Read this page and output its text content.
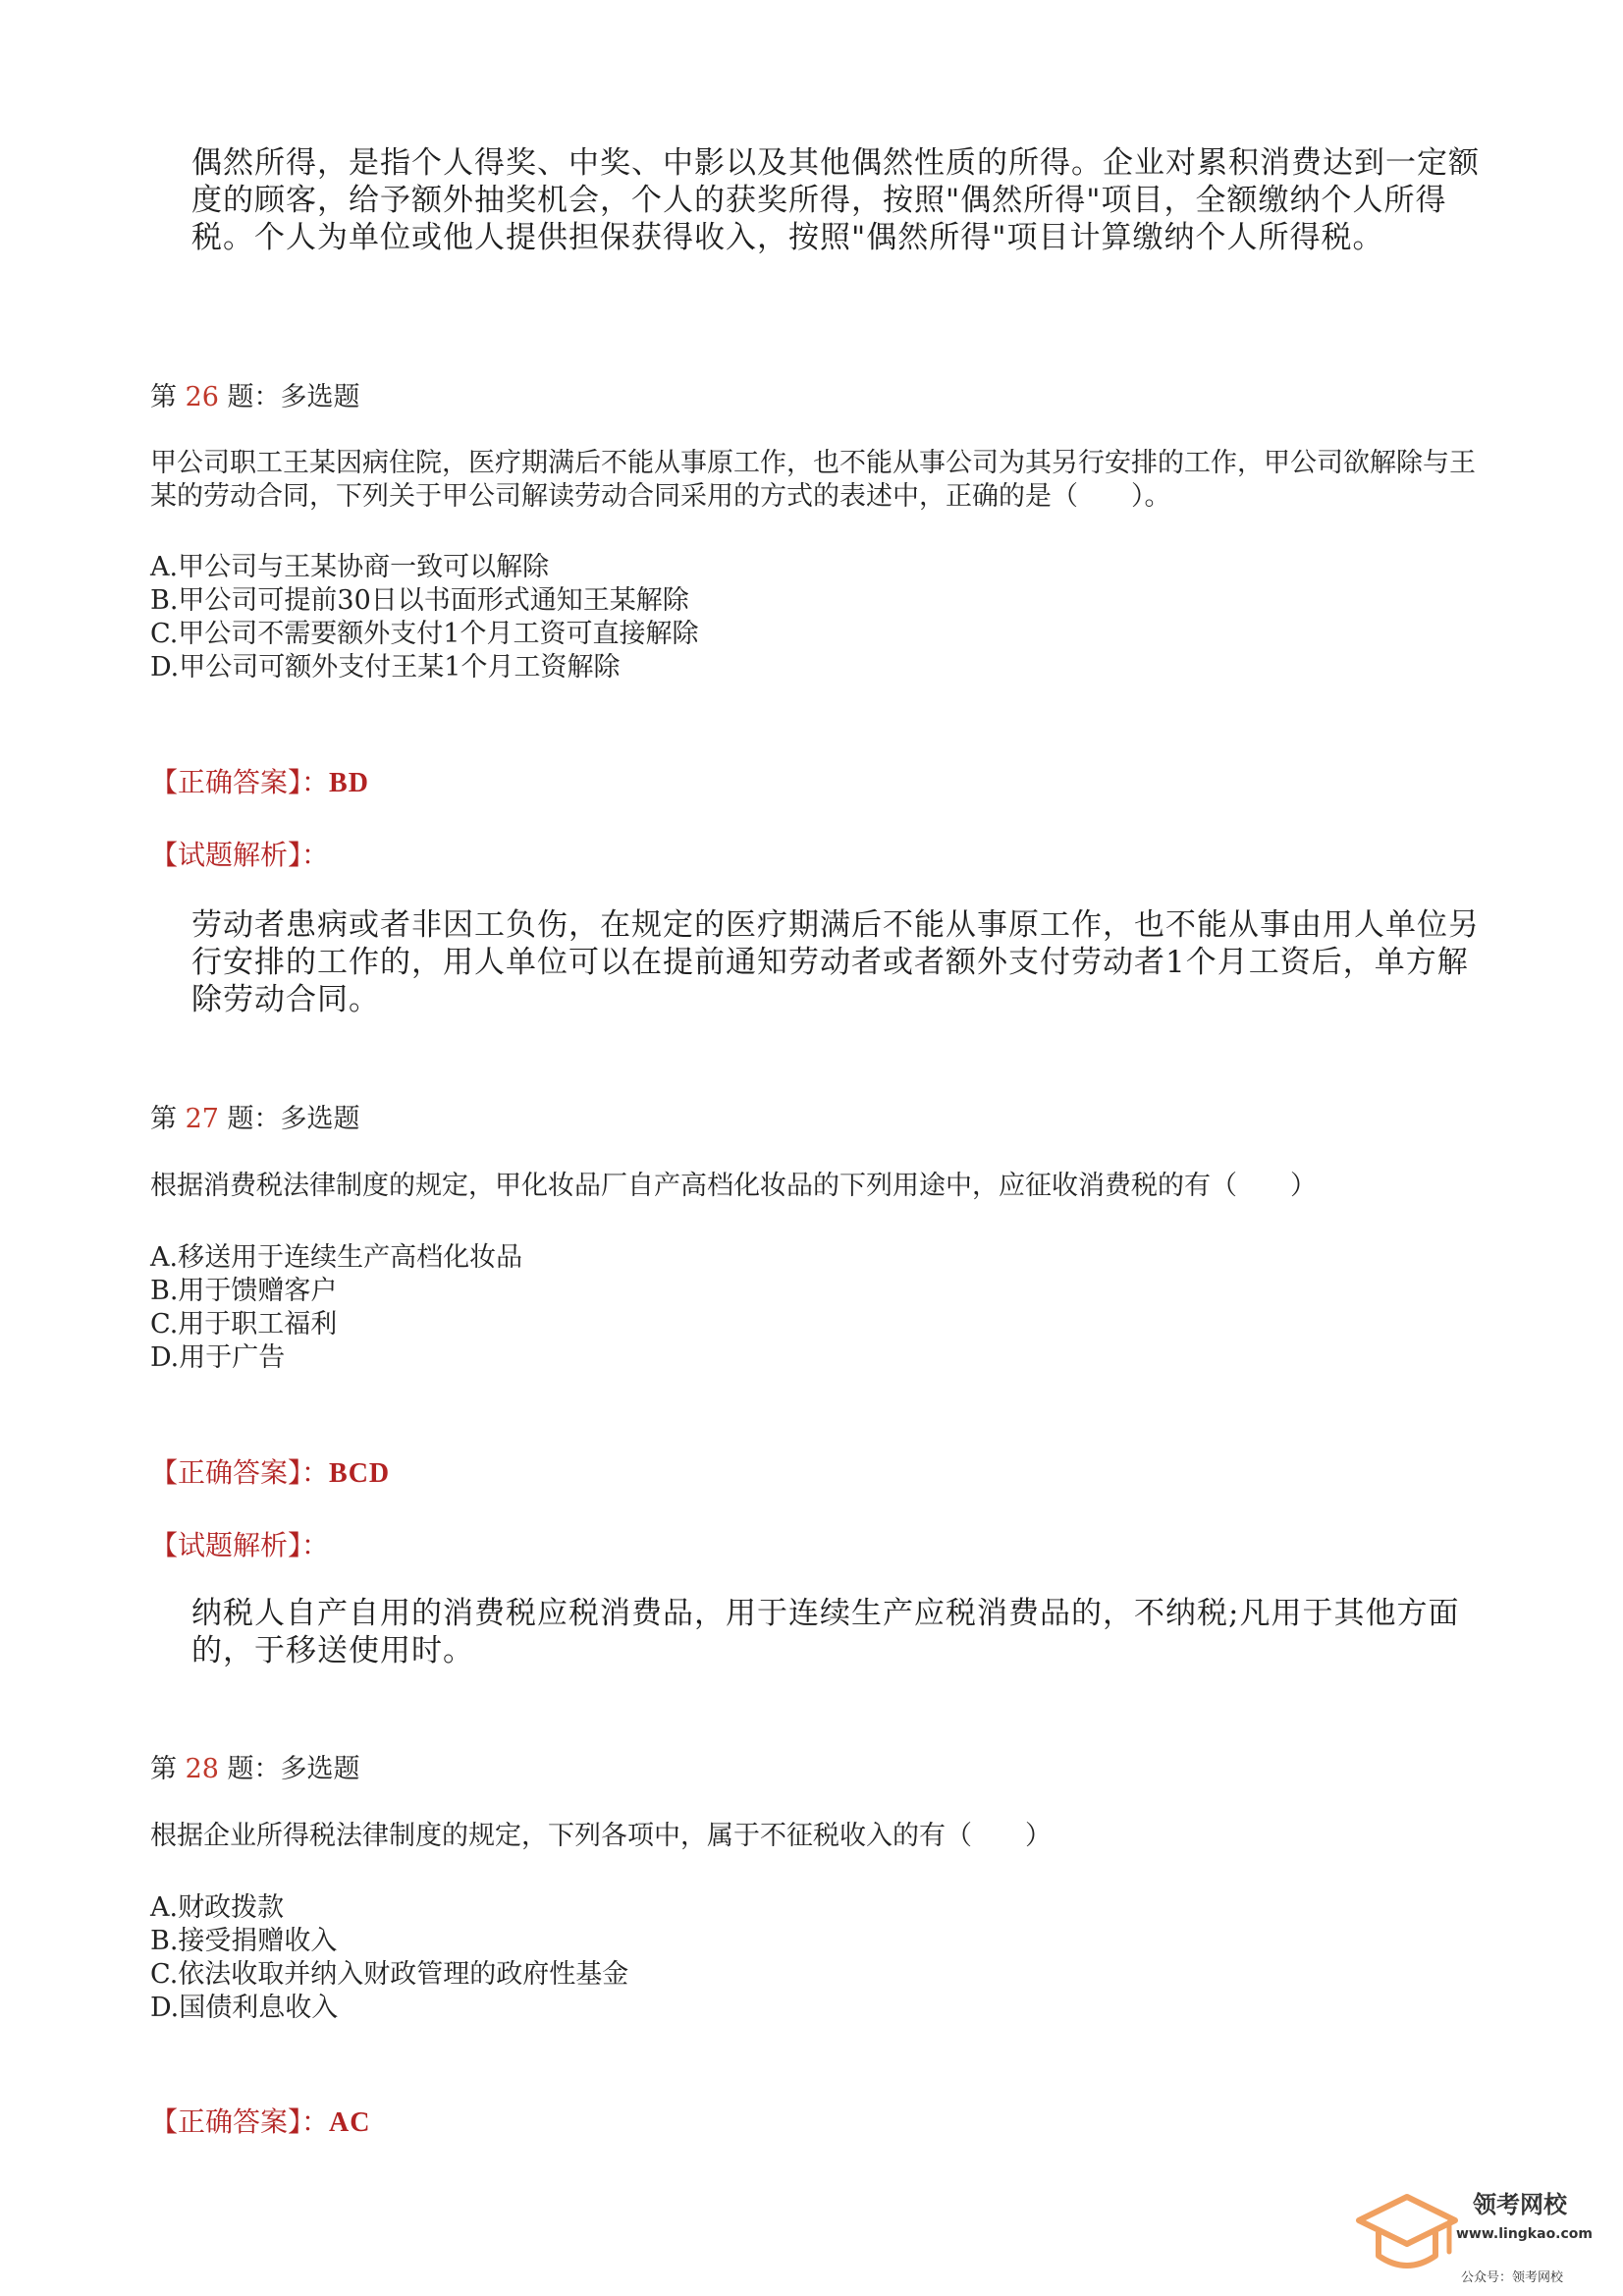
偶然所得，是指个人得奖、中奖、中影以及其他偶然性质的所得。企业对累积消费达到一定额度的顾客，给予额外抽奖机会，个人的获奖所得，按照"偶然所得"项目，全额缴纳个人所得税。个人为单位或他人提供担保获得收入，按照"偶然所得"项目计算缴纳个人所得税。
第 26 题：多选题
甲公司职工王某因病住院，医疗期满后不能从事原工作，也不能从事公司为其另行安排的工作，甲公司欲解除与王某的劳动合同，下列关于甲公司解读劳动合同采用的方式的表述中，正确的是（　　）。
A.甲公司与王某协商一致可以解除
B.甲公司可提前30日以书面形式通知王某解除
C.甲公司不需要额外支付1个月工资可直接解除
D.甲公司可额外支付王某1个月工资解除
【正确答案】：BD
【试题解析】：
劳动者患病或者非因工负伤，在规定的医疗期满后不能从事原工作，也不能从事由用人单位另行安排的工作的，用人单位可以在提前通知劳动者或者额外支付劳动者1个月工资后，单方解除劳动合同。
第 27 题：多选题
根据消费税法律制度的规定，甲化妆品厂自产高档化妆品的下列用途中，应征收消费税的有（　　）
A.移送用于连续生产高档化妆品
B.用于馈赠客户
C.用于职工福利
D.用于广告
【正确答案】：BCD
【试题解析】：
纳税人自产自用的消费税应税消费品，用于连续生产应税消费品的，不纳税;凡用于其他方面的，于移送使用时。
第 28 题：多选题
根据企业所得税法律制度的规定，下列各项中，属于不征税收入的有（　　）
A.财政拨款
B.接受捐赠收入
C.依法收取并纳入财政管理的政府性基金
D.国债利息收入
【正确答案】：AC
领考网校
www.lingkao.com
公众号：领考网校
